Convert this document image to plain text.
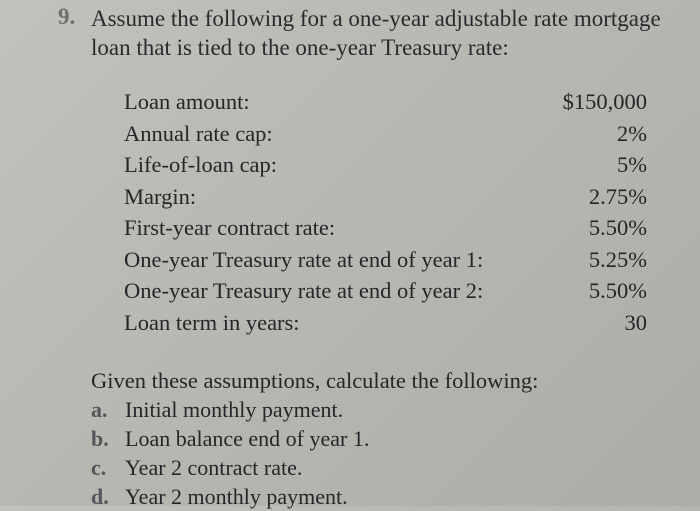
9. Assume the following for a one-year adjustable rate mortgage loan that is tied to the one-year Treasury rate:
Loan amount:	$150,000
Annual rate cap:	2%
Life-of-loan cap:	5%
Margin:	2.75%
First-year contract rate:	5.50%
One-year Treasury rate at end of year 1:	5.25%
One-year Treasury rate at end of year 2:	5.50%
Loan term in years:	30
Given these assumptions, calculate the following:
a. Initial monthly payment.
b. Loan balance end of year 1.
c. Year 2 contract rate.
d. Year 2 monthly payment.
